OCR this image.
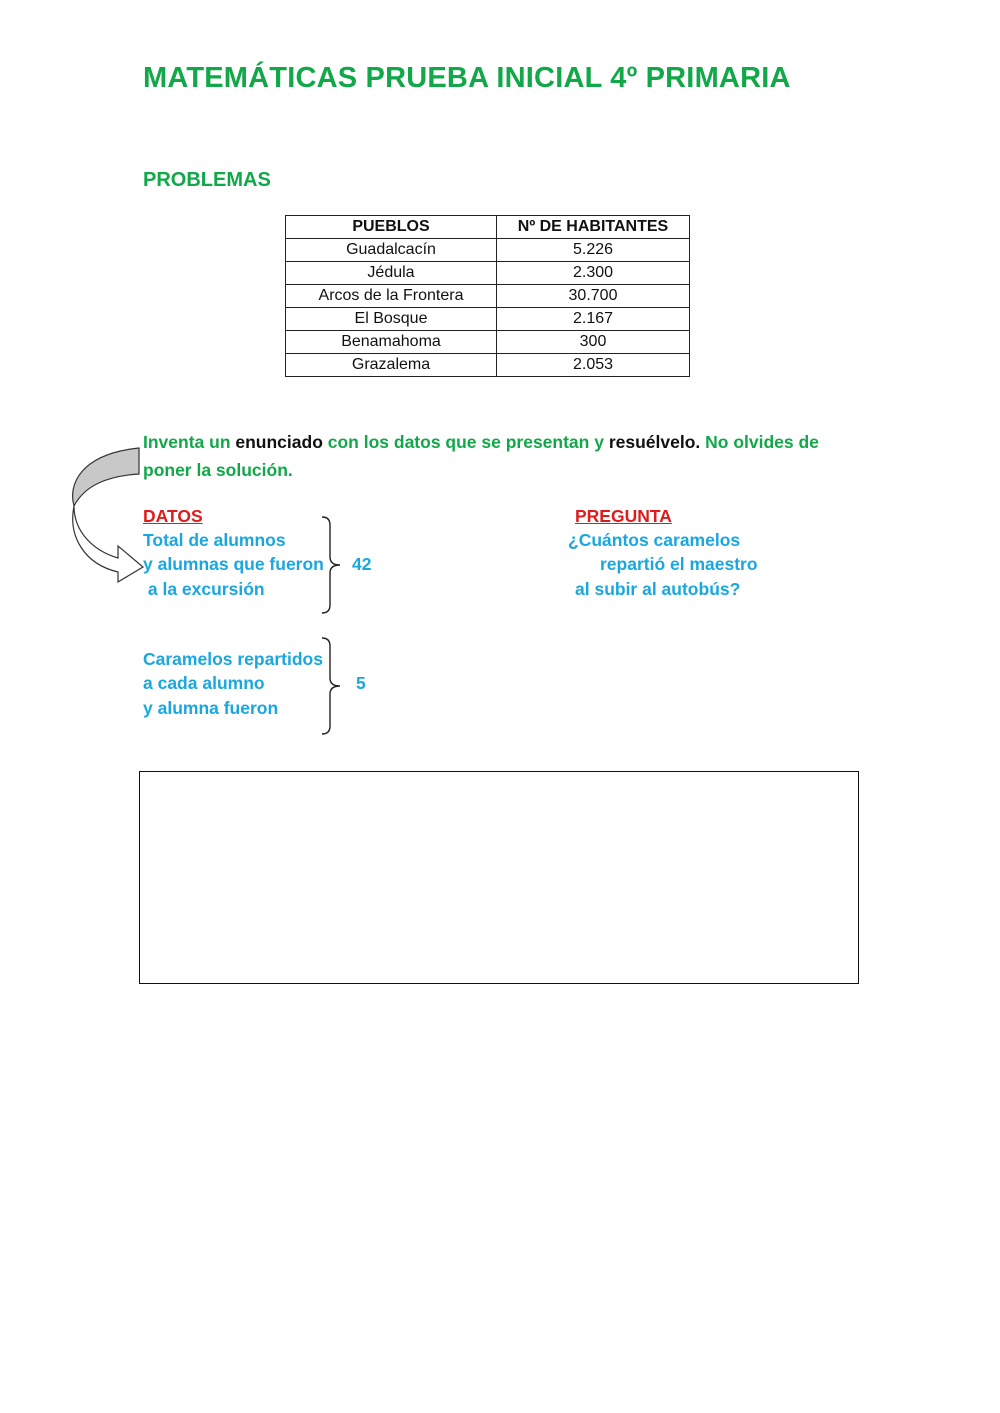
MATEMÁTICAS PRUEBA INICIAL 4º PRIMARIA
PROBLEMAS
PUEBLOS	Nº DE HABITANTES
Guadalcacín	5.226
Jédula	2.300
Arcos de la Frontera	30.700
El Bosque	2.167
Benamahoma	300
Grazalema	2.053
Inventa un enunciado con los datos que se presentan y resuélvelo. No olvides de poner la solución.
DATOS
Total de alumnos
y alumnas que fueron
a la excursión
42
PREGUNTA
¿Cuántos caramelos
repartió el maestro
al subir al autobús?
Caramelos repartidos
a cada alumno
y alumna fueron
5
